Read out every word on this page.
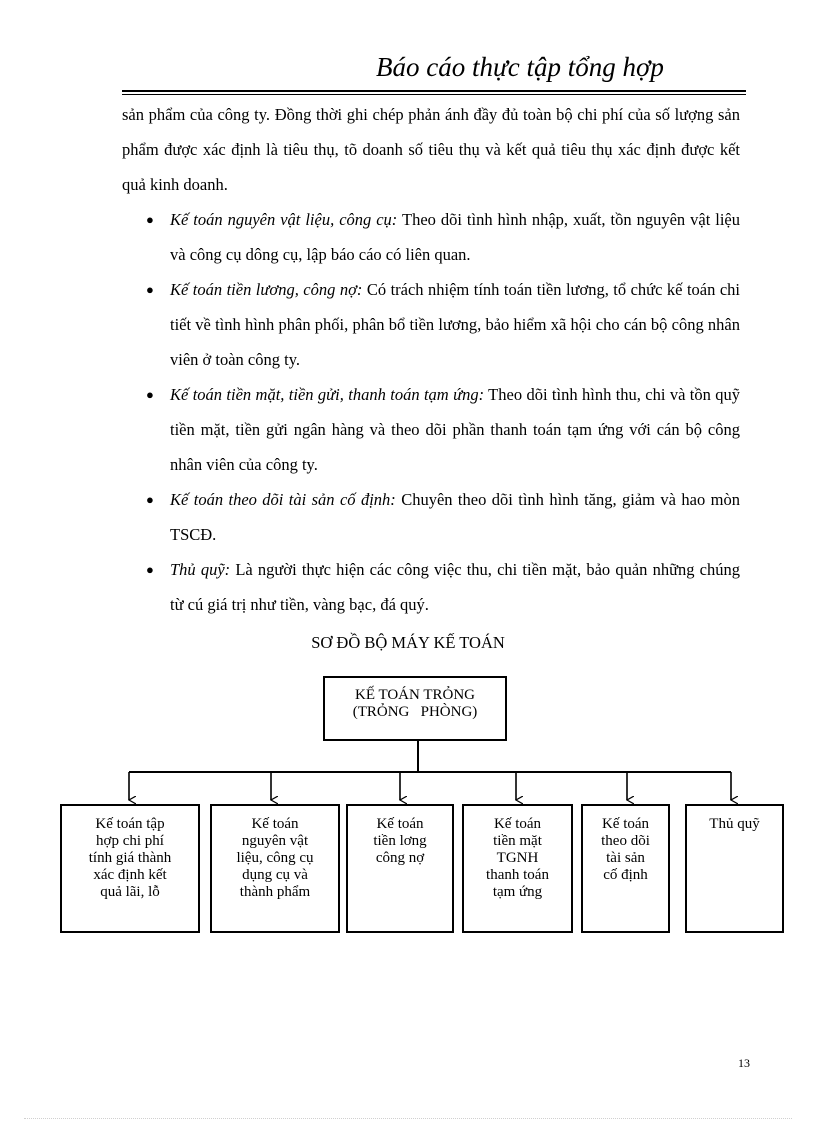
Báo cáo thực tập tổng hợp

sản phẩm của công ty. Đồng thời ghi chép phản ánh đầy đủ toàn bộ chi phí của số lượng sản phẩm được xác định là tiêu thụ, tõ doanh số tiêu thụ và kết quả tiêu thụ xác định được kết quả kinh doanh.

● Kế toán nguyên vật liệu, công cụ: Theo dõi tình hình nhập, xuất, tồn nguyên vật liệu và công cụ dông cụ, lập báo cáo có liên quan.
● Kế toán tiền lương, công nợ: Có trách nhiệm tính toán tiền lương, tổ chức kế toán chi tiết về tình hình phân phối, phân bổ tiền lương, bảo hiểm xã hội cho cán bộ công nhân viên ở toàn công ty.
● Kế toán tiền mặt, tiền gửi, thanh toán tạm ứng: Theo dõi tình hình thu, chi và tồn quỹ tiền mặt, tiền gửi ngân hàng và theo dõi phần thanh toán tạm ứng với cán bộ công nhân viên của công ty.
● Kế toán theo dõi tài sản cố định: Chuyên theo dõi tình hình tăng, giảm và hao mòn TSCĐ.
● Thủ quỹ: Là người thực hiện các công việc thu, chi tiền mặt, bảo quản những chúng từ cú giá trị như tiền, vàng bạc, đá quý.
SƠ ĐỒ BỘ MÁY KẾ TOÁN
KẾ TOÁN TRỎNG
(TRỎNG   PHÒNG)
Kế toán tập
hợp chi phí
tính giá thành
xác định kết
quả lãi, lỗ
Kế toán
nguyên vật
liệu, công cụ
dụng cụ và
thành phẩm
Kế toán
tiền lơng
công nợ
Kế toán
tiền mặt
TGNH
thanh toán
tạm ứng
Kế toán
theo dõi
tài sản
cố định
Thủ quỹ
13
